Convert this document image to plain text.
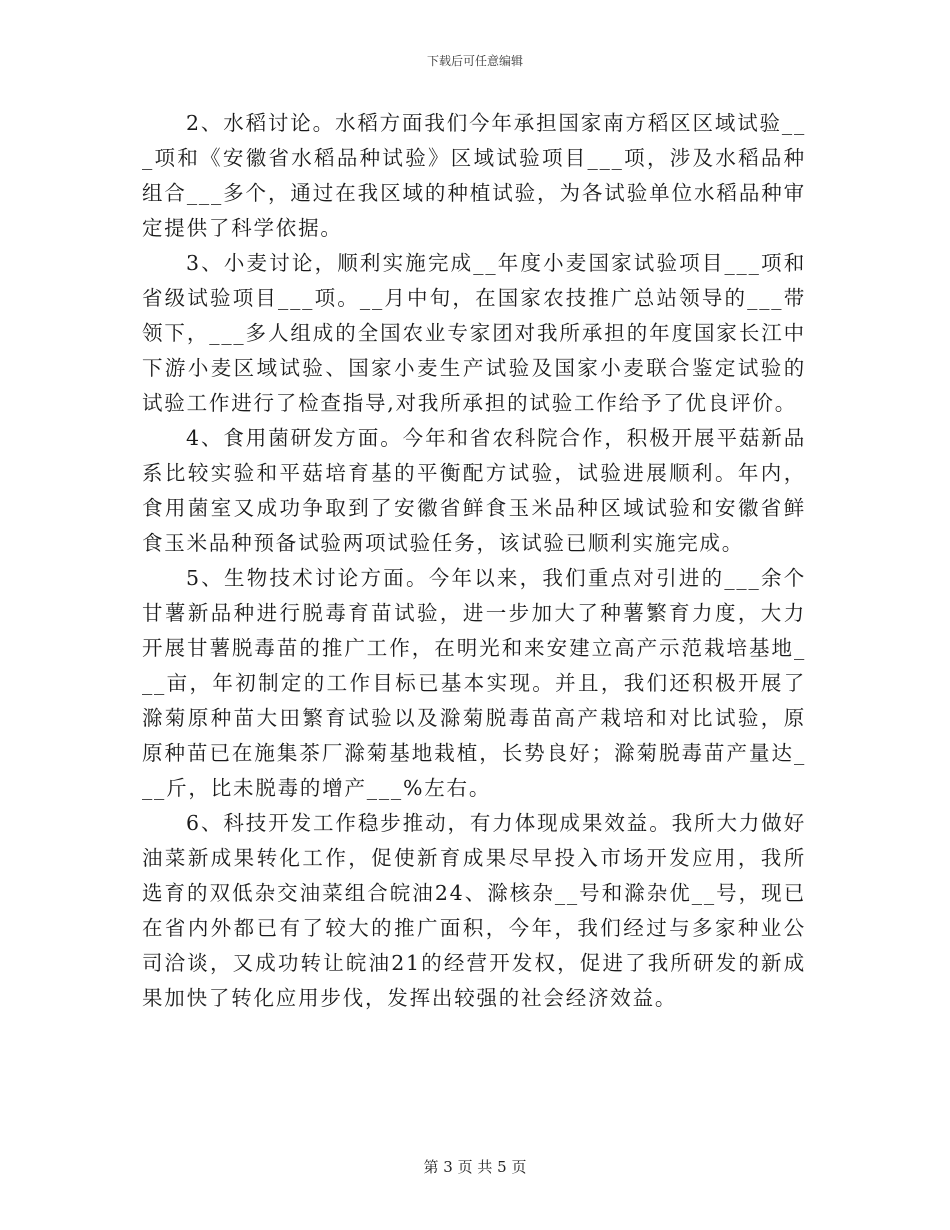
下载后可任意编辑

2、水稻讨论。水稻方面我们今年承担国家南方稻区区域试验___项和《安徽省水稻品种试验》区域试验项目___项，涉及水稻品种组合___多个，通过在我区域的种植试验，为各试验单位水稻品种审定提供了科学依据。

3、小麦讨论，顺利实施完成__年度小麦国家试验项目___项和省级试验项目___项。__月中旬，在国家农技推广总站领导的___带领下，___多人组成的全国农业专家团对我所承担的年度国家长江中下游小麦区域试验、国家小麦生产试验及国家小麦联合鉴定试验的试验工作进行了检查指导,对我所承担的试验工作给予了优良评价。

4、食用菌研发方面。今年和省农科院合作，积极开展平菇新品系比较实验和平菇培育基的平衡配方试验，试验进展顺利。年内，食用菌室又成功争取到了安徽省鲜食玉米品种区域试验和安徽省鲜食玉米品种预备试验两项试验任务，该试验已顺利实施完成。

5、生物技术讨论方面。今年以来，我们重点对引进的___余个甘薯新品种进行脱毒育苗试验，进一步加大了种薯繁育力度，大力开展甘薯脱毒苗的推广工作，在明光和来安建立高产示范栽培基地___亩，年初制定的工作目标已基本实现。并且，我们还积极开展了滁菊原种苗大田繁育试验以及滁菊脱毒苗高产栽培和对比试验，原原种苗已在施集茶厂滁菊基地栽植，长势良好；滁菊脱毒苗产量达___斤，比未脱毒的增产___%左右。

6、科技开发工作稳步推动，有力体现成果效益。我所大力做好油菜新成果转化工作，促使新育成果尽早投入市场开发应用，我所选育的双低杂交油菜组合皖油24、滁核杂__号和滁杂优__号，现已在省内外都已有了较大的推广面积，今年，我们经过与多家种业公司洽谈，又成功转让皖油21的经营开发权，促进了我所研发的新成果加快了转化应用步伐，发挥出较强的社会经济效益。

第 3 页 共 5 页
